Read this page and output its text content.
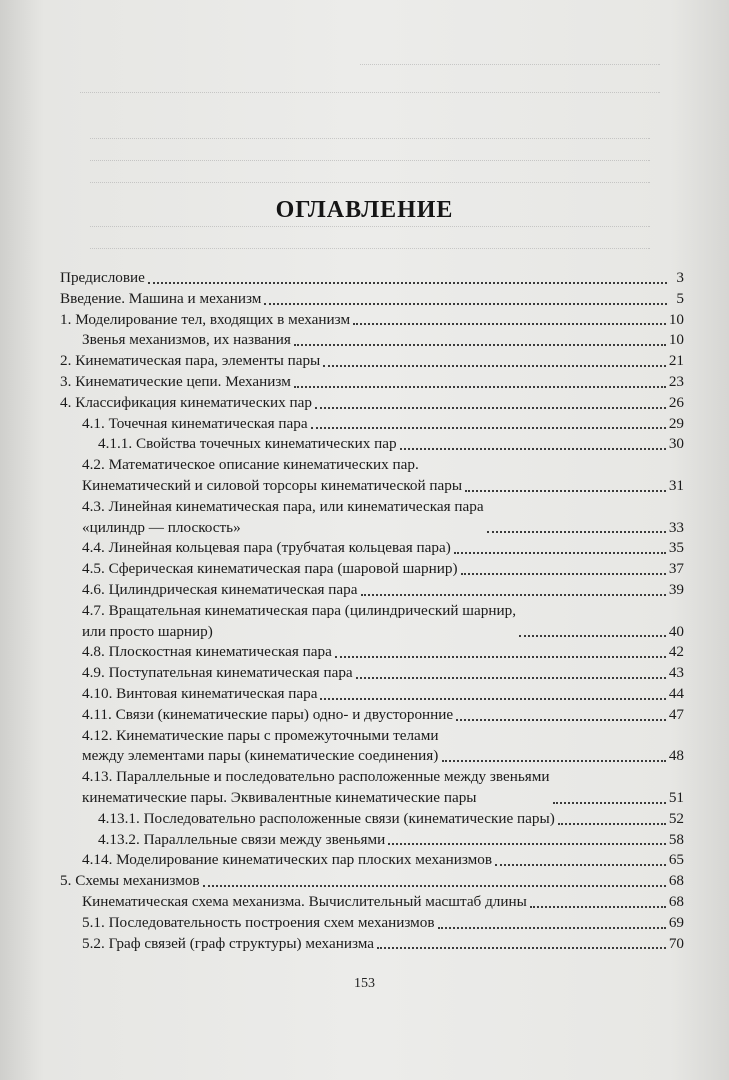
ОГЛАВЛЕНИЕ
Предисловие	3
Введение. Машина и механизм	5
1. Моделирование тел, входящих в механизм	10
Звенья механизмов, их названия	10
2. Кинематическая пара, элементы пары	21
3. Кинематические цепи. Механизм	23
4. Классификация кинематических пар	26
4.1. Точечная кинематическая пара	29
4.1.1. Свойства точечных кинематических пар	30
4.2. Математическое описание кинематических пар.
Кинематический и силовой торсоры кинематической пары	31
4.3. Линейная кинематическая пара, или кинематическая пара
«цилиндр — плоскость»	33
4.4. Линейная кольцевая пара (трубчатая кольцевая пара)	35
4.5. Сферическая кинематическая пара (шаровой шарнир)	37
4.6. Цилиндрическая кинематическая пара	39
4.7. Вращательная кинематическая пара (цилиндрический шарнир,
или просто шарнир)	40
4.8. Плоскостная кинематическая пара	42
4.9. Поступательная кинематическая пара	43
4.10. Винтовая кинематическая пара	44
4.11. Связи (кинематические пары) одно- и двусторонние	47
4.12. Кинематические пары с промежуточными телами
между элементами пары (кинематические соединения)	48
4.13. Параллельные и последовательно расположенные между звеньями
кинематические пары. Эквивалентные кинематические пары	51
4.13.1. Последовательно расположенные связи (кинематические пары)	52
4.13.2. Параллельные связи между звеньями	58
4.14. Моделирование кинематических пар плоских механизмов	65
5. Схемы механизмов	68
Кинематическая схема механизма. Вычислительный масштаб длины	68
5.1. Последовательность построения схем механизмов	69
5.2. Граф связей (граф структуры) механизма	70
153
